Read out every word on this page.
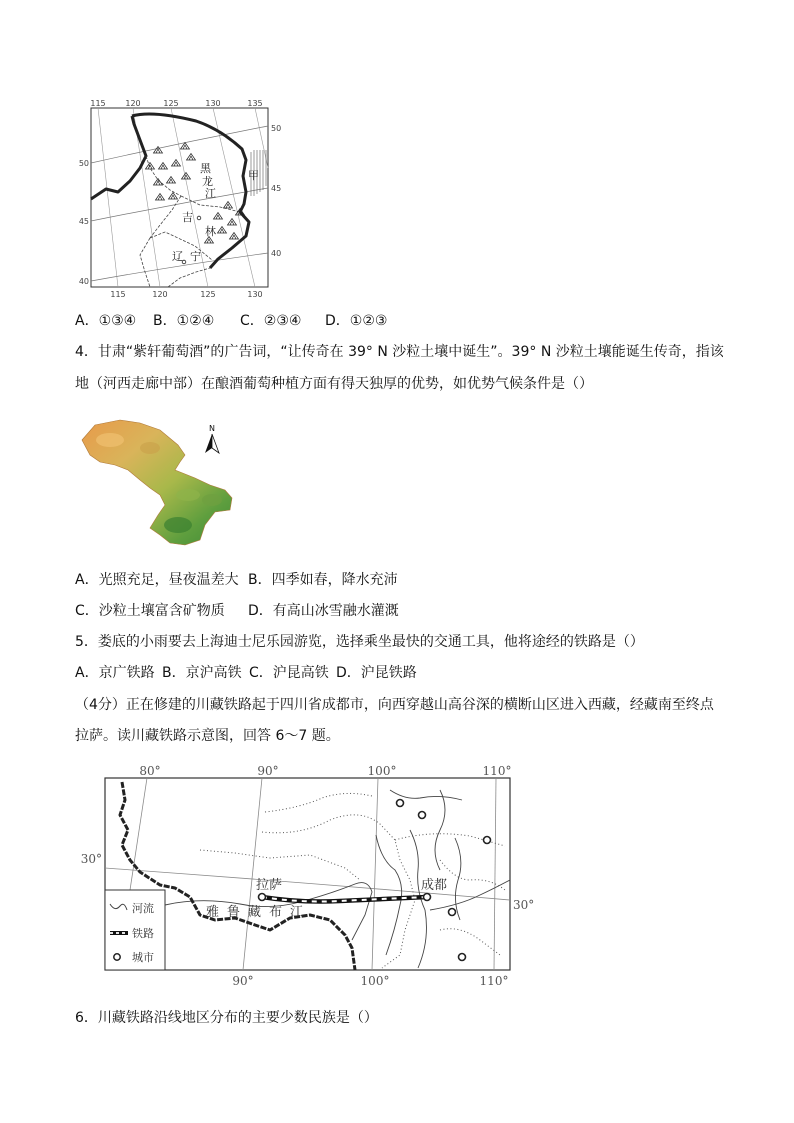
黑
龙
江
甲
吉
林
辽 宁
115 120	125	130	135
115	120	125	130
50
45
40
50
45
40
A．①③④ B．①②④ C．②③④ D．①②③
4．甘肃“紫轩葡萄酒”的广告词，“让传奇在 39° N 沙粒土壤中诞生”。39° N 沙粒土壤能诞生传奇，指该
地（河西走廊中部）在酿酒葡萄种植方面有得天独厚的优势，如优势气候条件是（）
N
A．光照充足，昼夜温差大 B．四季如春，降水充沛
C．沙粒土壤富含矿物质 D．有高山冰雪融水灌溉
5．娄底的小雨要去上海迪士尼乐园游览，选择乘坐最快的交通工具，他将途经的铁路是（）
A．京广铁路 B．京沪高铁 C．沪昆高铁 D．沪昆铁路
（4分）正在修建的川藏铁路起于四川省成都市，向西穿越山高谷深的横断山区进入西藏，经藏南至终点
拉萨。读川藏铁路示意图，回答 6～7 题。
拉萨	成都
雅鲁藏布江
河流
铁路
城市
80°	90°	100°	110°
90°	100°	110°
30°
30°
6．川藏铁路沿线地区分布的主要少数民族是（）
